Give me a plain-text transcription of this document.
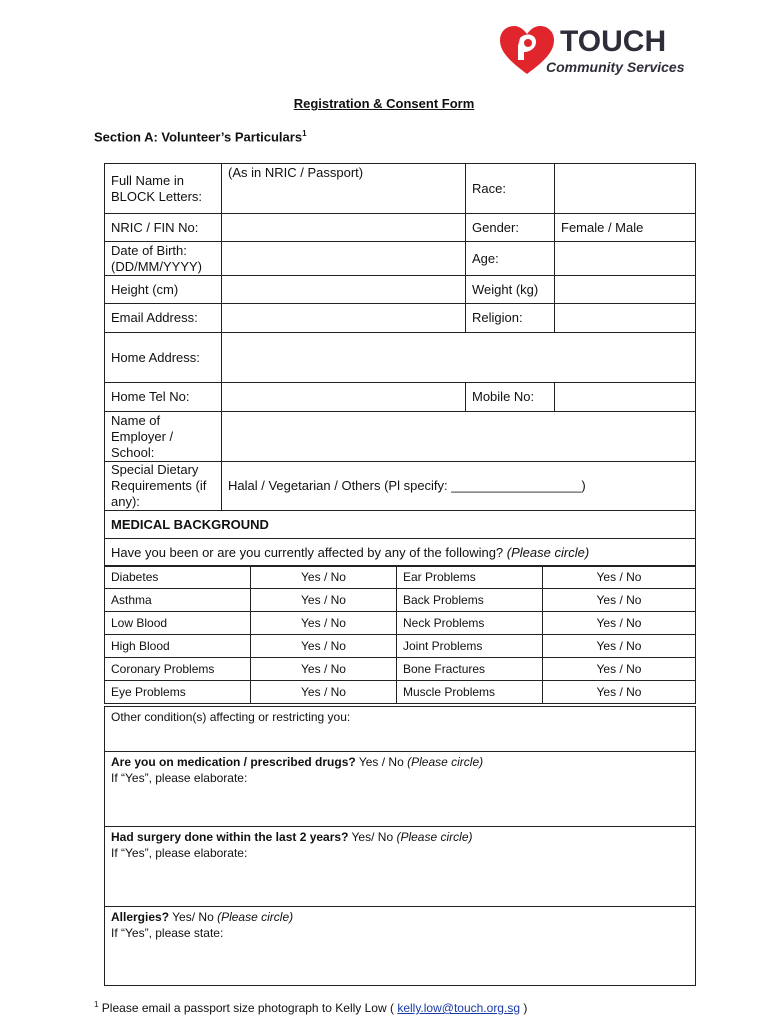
TOUCH
Community Services
Registration & Consent Form
Section A: Volunteer’s Particulars$^1$
Full Name in BLOCK Letters:	(As in NRIC / Passport)	Race:	
NRIC / FIN No:		Gender:	Female / Male
Date of Birth: (DD/MM/YYYY)		Age:	
Height (cm)		Weight (kg)	
Email Address:		Religion:	
Home Address:			
Home Tel No:		Mobile No:	
Name of Employer / School:			
Special Dietary Requirements (if any):	Halal / Vegetarian / Others (Pl specify: __________________)		
MEDICAL BACKGROUND			
Have you been or are you currently affected by any of the following? (Please circle)			
Diabetes	Yes / No	Ear Problems	Yes / No
Asthma	Yes / No	Back Problems	Yes / No
Low Blood	Yes / No	Neck Problems	Yes / No
High Blood	Yes / No	Joint Problems	Yes / No
Coronary Problems	Yes / No	Bone Fractures	Yes / No
Eye Problems	Yes / No	Muscle Problems	Yes / No
Other condition(s) affecting or restricting you:

Are you on medication / prescribed drugs? Yes / No (Please circle)
If “Yes”, please elaborate:

Had surgery done within the last 2 years? Yes/ No (Please circle)
If “Yes”, please elaborate:

Allergies? Yes/ No (Please circle)
If “Yes”, please state:
$^1$ Please email a passport size photograph to Kelly Low ( kelly.low@touch.org.sg )
